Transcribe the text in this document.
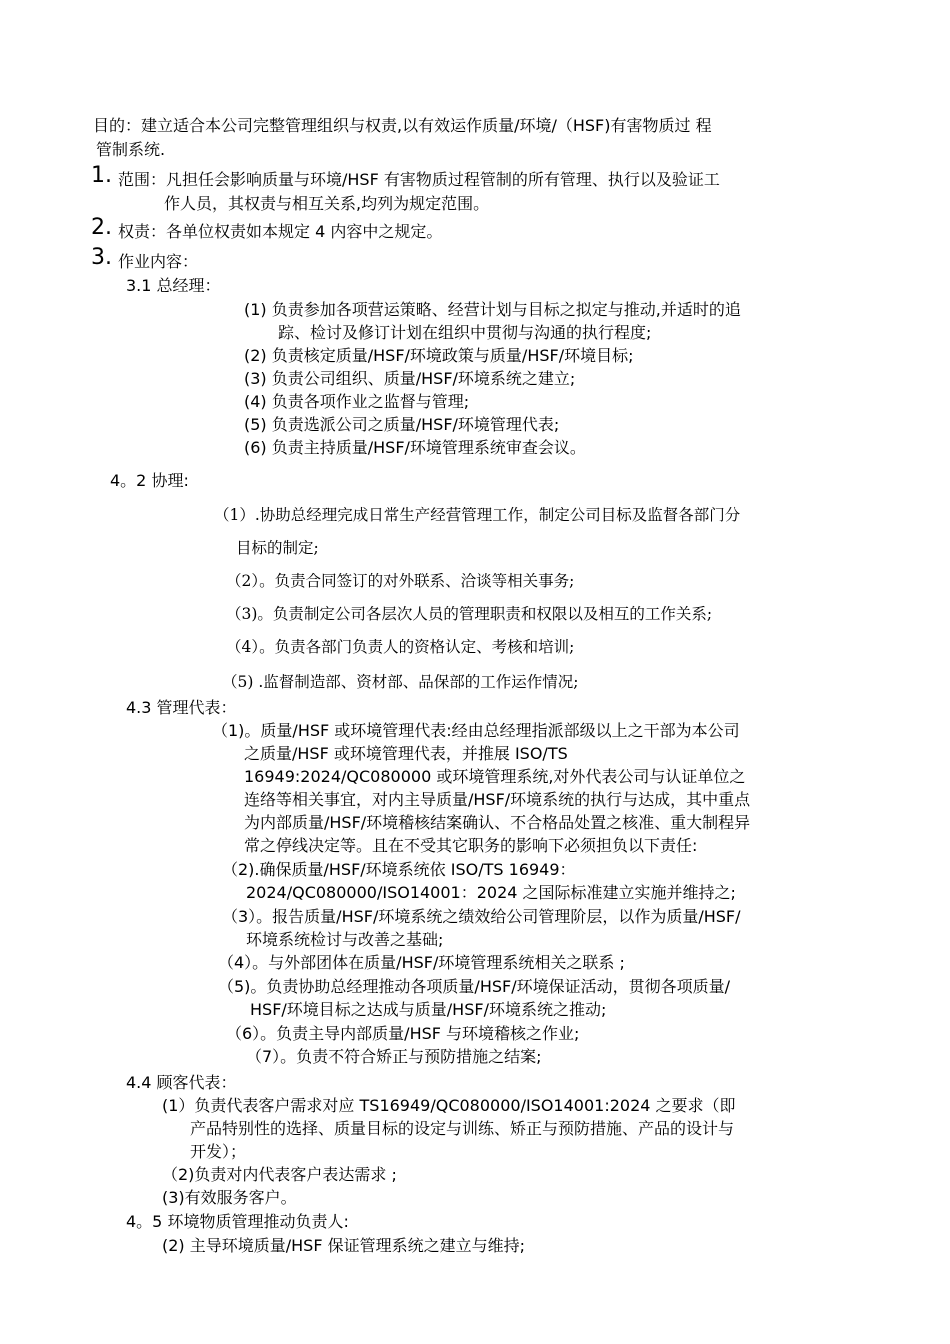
目的：建立适合本公司完整管理组织与权责,以有效运作质量/环境/（HSF)有害物质过 程
管制系统.
1. 范围：凡担任会影响质量与环境/HSF 有害物质过程管制的所有管理、执行以及验证工
作人员，其权责与相互关系,均列为规定范围。
2. 权责：各单位权责如本规定 4 内容中之规定。
3. 作业内容：
3.1 总经理：
(1) 负责参加各项营运策略、经营计划与目标之拟定与推动,并适时的追
踪、检讨及修订计划在组织中贯彻与沟通的执行程度;
(2) 负责核定质量/HSF/环境政策与质量/HSF/环境目标;
(3) 负责公司组织、质量/HSF/环境系统之建立;
(4) 负责各项作业之监督与管理;
(5) 负责选派公司之质量/HSF/环境管理代表;
(6) 负责主持质量/HSF/环境管理系统审查会议。
4。2 协理:
（1）.协助总经理完成日常生产经营管理工作，制定公司目标及监督各部门分
目标的制定;
（2）。负责合同签订的对外联系、洽谈等相关事务;
（3)。负责制定公司各层次人员的管理职责和权限以及相互的工作关系;
（4）。负责各部门负责人的资格认定、考核和培训;
（5) .监督制造部、资材部、品保部的工作运作情况;
4.3 管理代表：
（1)。质量/HSF 或环境管理代表:经由总经理指派部级以上之干部为本公司
之质量/HSF 或环境管理代表，并推展 ISO/TS
16949:2024/QC080000 或环境管理系统,对外代表公司与认证单位之
连络等相关事宜，对内主导质量/HSF/环境系统的执行与达成，其中重点
为内部质量/HSF/环境稽核结案确认、不合格品处置之核准、重大制程异
常之停线决定等。且在不受其它职务的影响下必须担负以下责任:
（2).确保质量/HSF/环境系统依 ISO/TS 16949：
2024/QC080000/ISO14001：2024 之国际标准建立实施并维持之;
（3）。报告质量/HSF/环境系统之绩效给公司管理阶层，以作为质量/HSF/
环境系统检讨与改善之基础;
（4）。与外部团体在质量/HSF/环境管理系统相关之联系 ;
（5)。负责协助总经理推动各项质量/HSF/环境保证活动，贯彻各项质量/
HSF/环境目标之达成与质量/HSF/环境系统之推动;
（6）。负责主导内部质量/HSF 与环境稽核之作业;
（7）。负责不符合矫正与预防措施之结案;
4.4 顾客代表：
(1）负责代表客户需求对应 TS16949/QC080000/ISO14001:2024 之要求（即
产品特别性的选择、质量目标的设定与训练、矫正与预防措施、产品的设计与
开发）；
（2)负责对内代表客户表达需求 ;
(3)有效服务客户。
4。5 环境物质管理推动负责人:
(2) 主导环境质量/HSF 保证管理系统之建立与维持;
